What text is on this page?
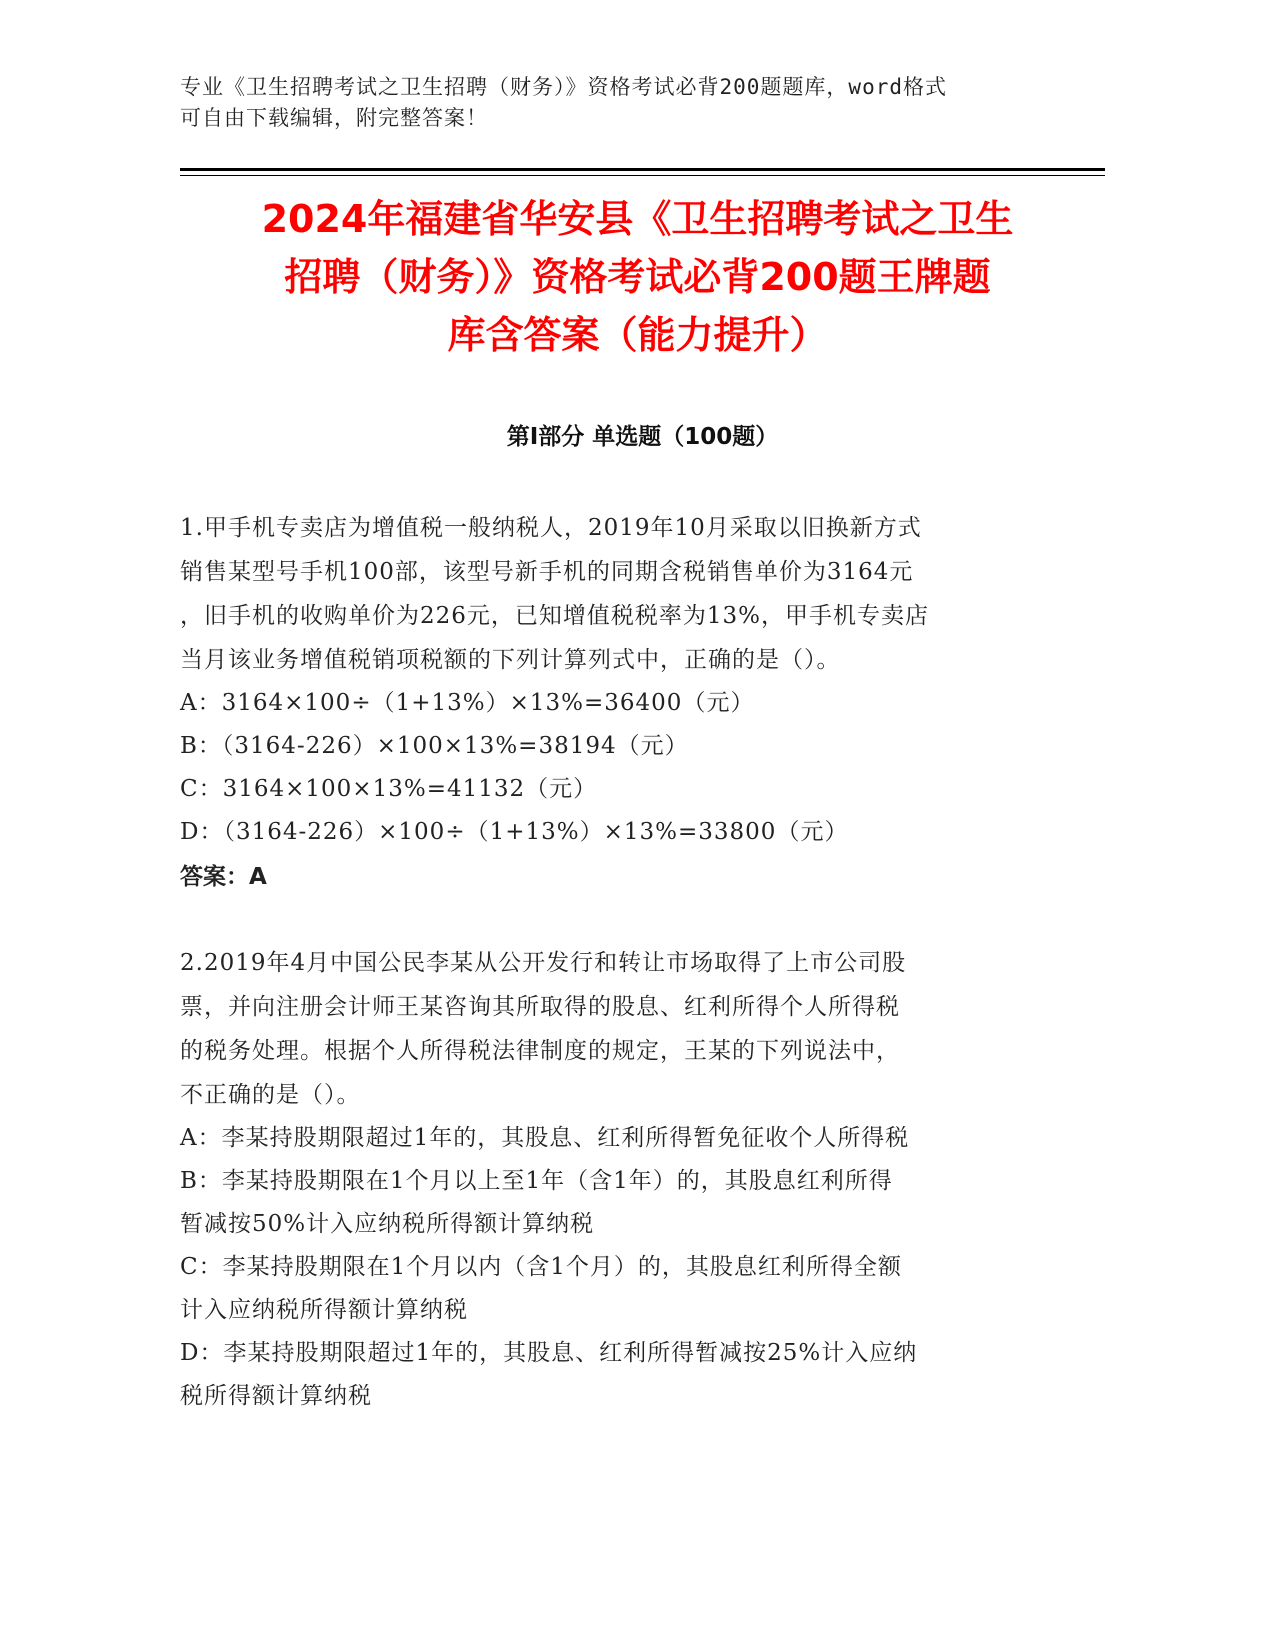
专业《卫生招聘考试之卫生招聘（财务）》资格考试必背200题题库，word格式

可自由下载编辑，附完整答案！

2024年福建省华安县《卫生招聘考试之卫生
招聘（财务）》资格考试必背200题王牌题
库含答案（能力提升）
第Ⅰ部分 单选题（100题）

1.甲手机专卖店为增值税一般纳税人，2019年10月采取以旧换新方式

销售某型号手机100部，该型号新手机的同期含税销售单价为3164元

，旧手机的收购单价为226元，已知增值税税率为13%，甲手机专卖店

当月该业务增值税销项税额的下列计算列式中，正确的是（）。

A：3164×100÷（1+13%）×13%=36400（元）

B：（3164-226）×100×13%=38194（元）

C：3164×100×13%=41132（元）

D：（3164-226）×100÷（1+13%）×13%=33800（元）

答案：A

2.2019年4月中国公民李某从公开发行和转让市场取得了上市公司股

票，并向注册会计师王某咨询其所取得的股息、红利所得个人所得税

的税务处理。根据个人所得税法律制度的规定，王某的下列说法中，

不正确的是（）。

A：李某持股期限超过1年的，其股息、红利所得暂免征收个人所得税

B：李某持股期限在1个月以上至1年（含1年）的，其股息红利所得

暂减按50%计入应纳税所得额计算纳税

C：李某持股期限在1个月以内（含1个月）的，其股息红利所得全额

计入应纳税所得额计算纳税

D：李某持股期限超过1年的，其股息、红利所得暂减按25%计入应纳

税所得额计算纳税
